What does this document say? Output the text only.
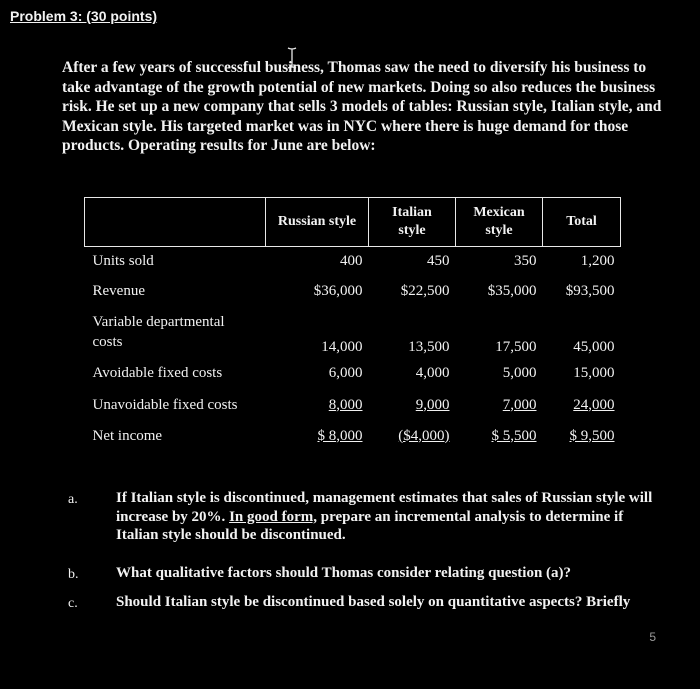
Problem 3: (30 points)
After a few years of successful business, Thomas saw the need to diversify his business to take advantage of the growth potential of new markets. Doing so also reduces the business risk. He set up a new company that sells 3 models of tables: Russian style, Italian style, and Mexican style. His targeted market was in NYC where there is huge demand for those products. Operating results for June are below:
	Russian style	Italian style	Mexican style	Total
Units sold	400	450	350	1,200
Revenue	$36,000	$22,500	$35,000	$93,500

Variable departmental costs	14,000	13,500	17,500	45,000
Avoidable fixed costs	6,000	4,000	5,000	15,000
Unavoidable fixed costs	8,000	9,000	7,000	24,000
Net income	$ 8,000	($4,000)	$ 5,500	$ 9,500
a.	If Italian style is discontinued, management estimates that sales of Russian style will increase by 20%. In good form, prepare an incremental analysis to determine if Italian style should be discontinued.
b.	What qualitative factors should Thomas consider relating question (a)?
c.	Should Italian style be discontinued based solely on quantitative aspects? Briefly
5
